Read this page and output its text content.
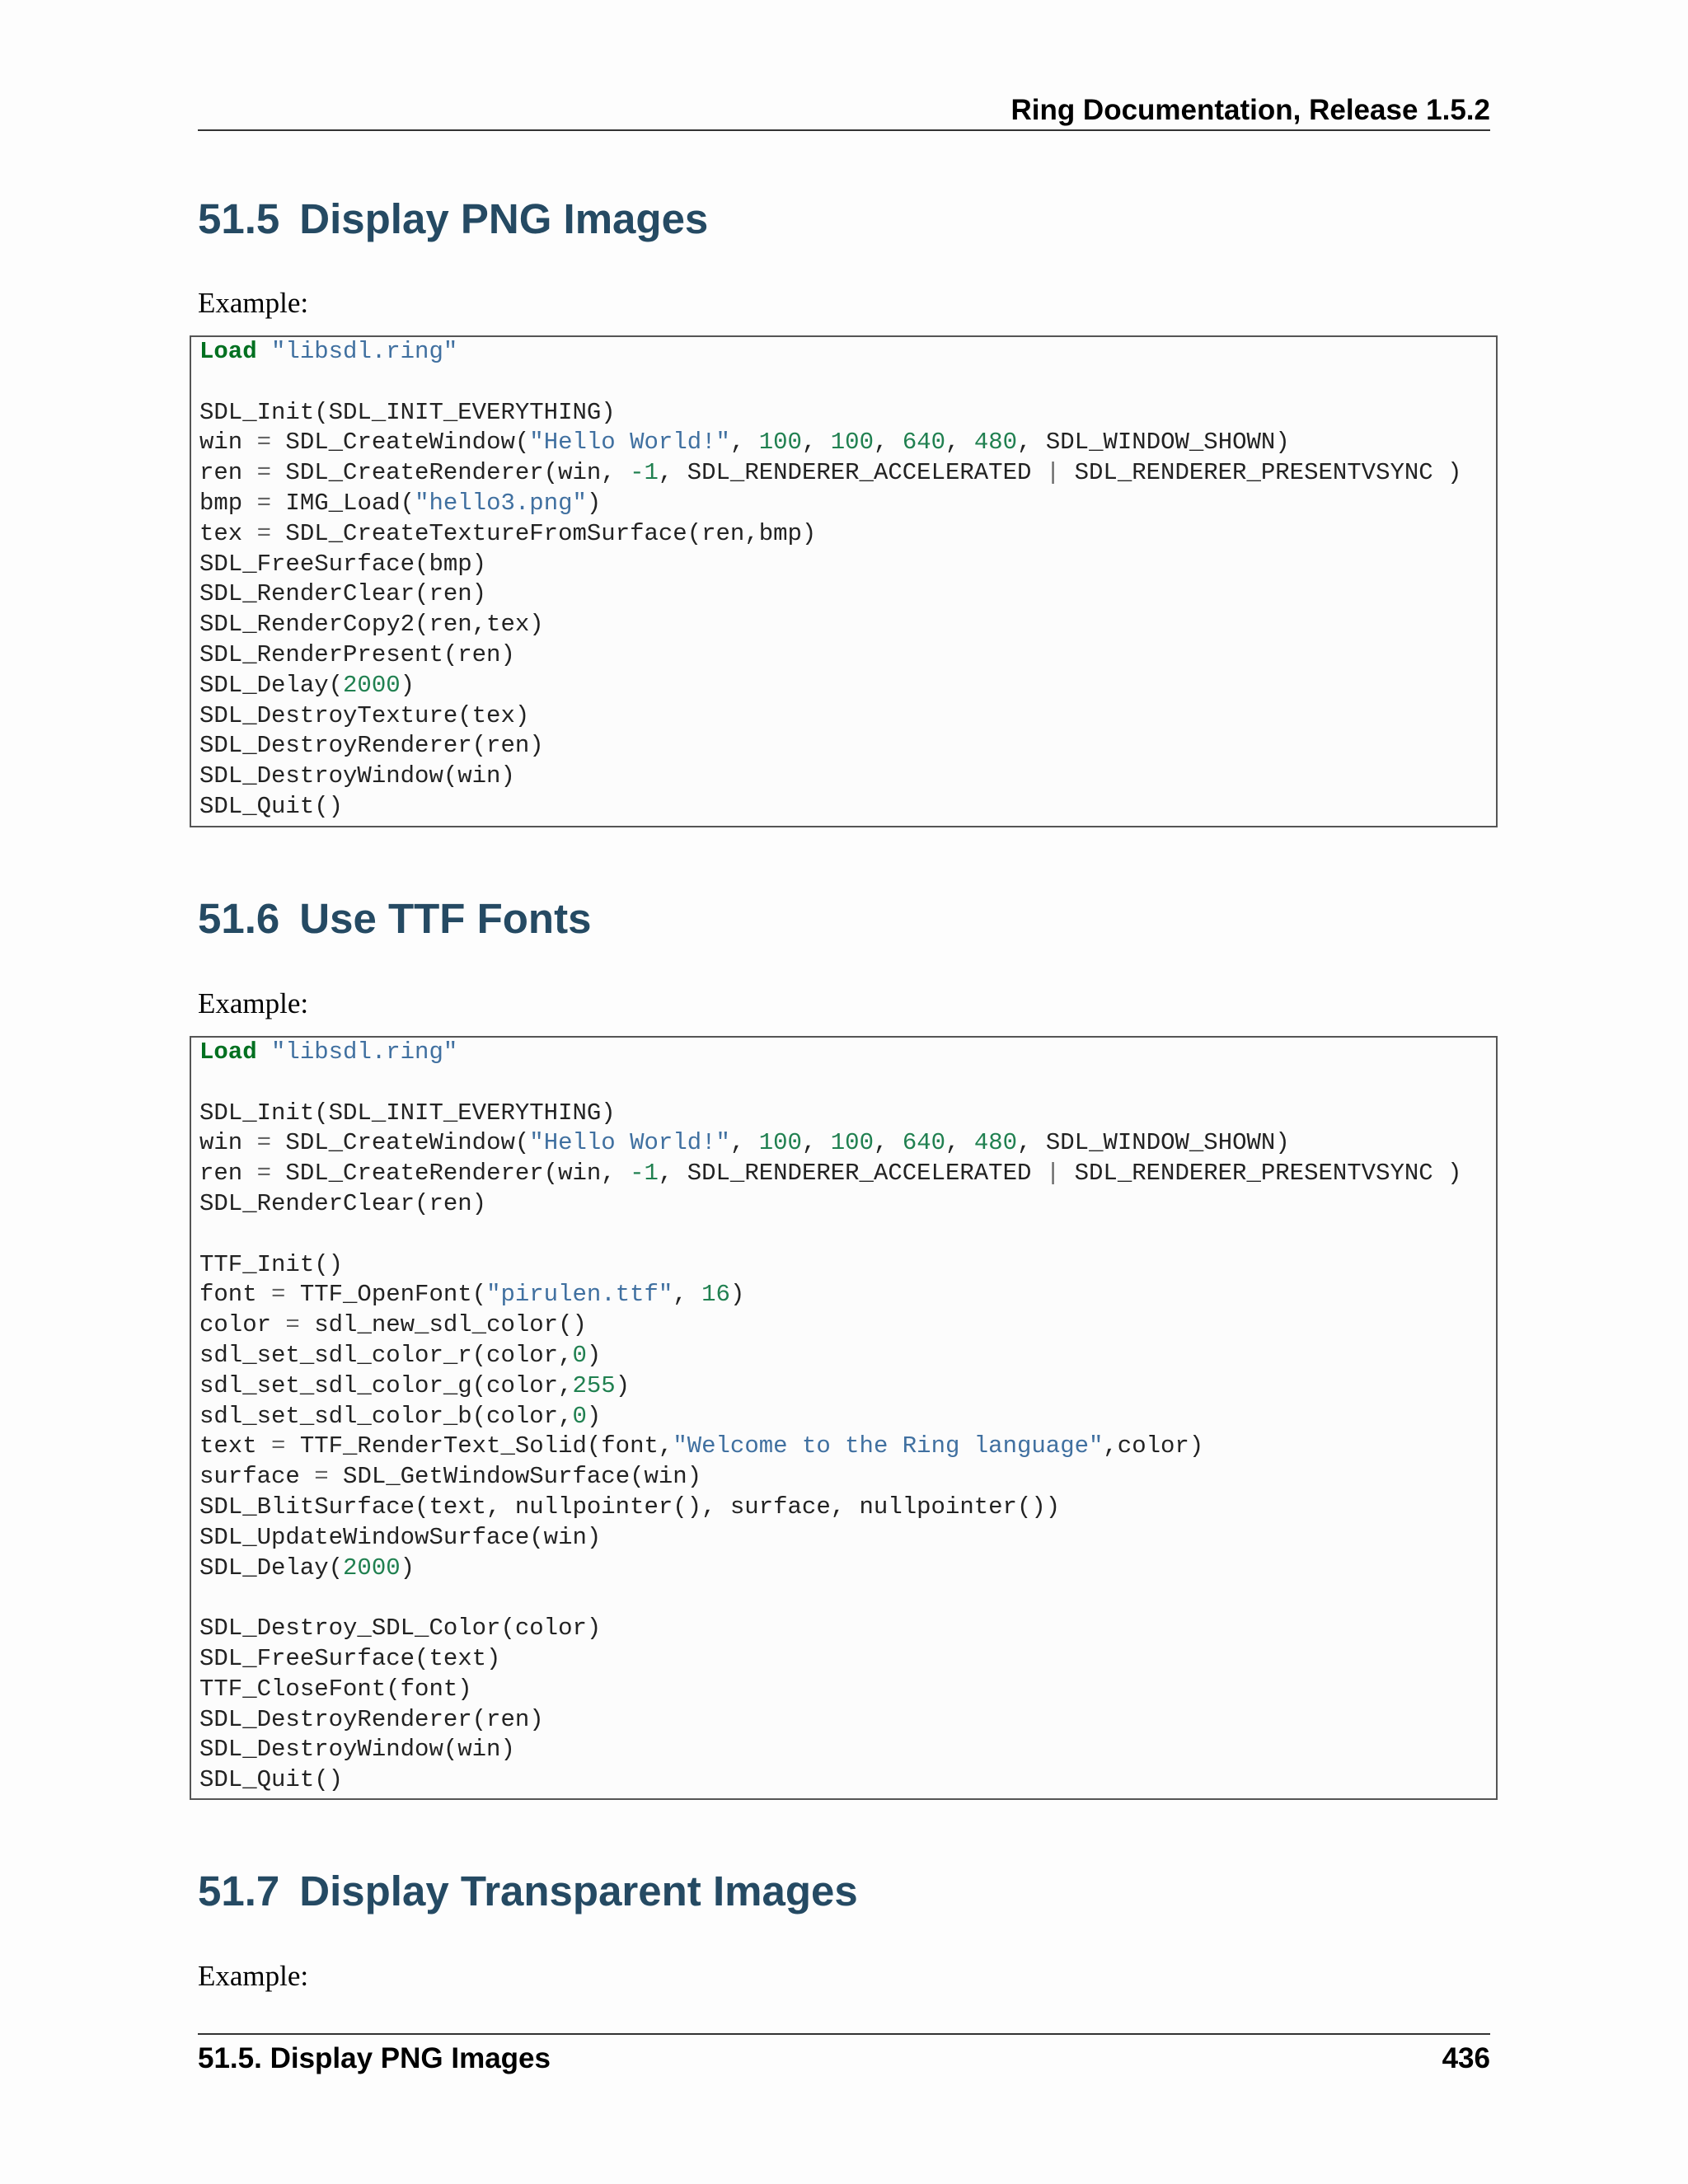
Ring Documentation, Release 1.5.2
51.5 Display PNG Images

Example:

Load "libsdl.ring"
SDL_Init(SDL_INIT_EVERYTHING)
win = SDL_CreateWindow("Hello World!", 100, 100, 640, 480, SDL_WINDOW_SHOWN)
ren = SDL_CreateRenderer(win, -1, SDL_RENDERER_ACCELERATED | SDL_RENDERER_PRESENTVSYNC )
bmp = IMG_Load("hello3.png")
tex = SDL_CreateTextureFromSurface(ren,bmp)
SDL_FreeSurface(bmp)
SDL_RenderClear(ren)
SDL_RenderCopy2(ren,tex)
SDL_RenderPresent(ren)
SDL_Delay(2000)
SDL_DestroyTexture(tex)
SDL_DestroyRenderer(ren)
SDL_DestroyWindow(win)
SDL_Quit()
51.6 Use TTF Fonts

Example:

Load "libsdl.ring"
SDL_Init(SDL_INIT_EVERYTHING)
win = SDL_CreateWindow("Hello World!", 100, 100, 640, 480, SDL_WINDOW_SHOWN)
ren = SDL_CreateRenderer(win, -1, SDL_RENDERER_ACCELERATED | SDL_RENDERER_PRESENTVSYNC )
SDL_RenderClear(ren)
TTF_Init()
font = TTF_OpenFont("pirulen.ttf", 16)
color = sdl_new_sdl_color()
sdl_set_sdl_color_r(color,0)
sdl_set_sdl_color_g(color,255)
sdl_set_sdl_color_b(color,0)
text = TTF_RenderText_Solid(font,"Welcome to the Ring language",color)
surface = SDL_GetWindowSurface(win)
SDL_BlitSurface(text, nullpointer(), surface, nullpointer())
SDL_UpdateWindowSurface(win)
SDL_Delay(2000)
SDL_Destroy_SDL_Color(color)
SDL_FreeSurface(text)
TTF_CloseFont(font)
SDL_DestroyRenderer(ren)
SDL_DestroyWindow(win)
SDL_Quit()
51.7 Display Transparent Images

Example:

51.5. Display PNG Images	436
